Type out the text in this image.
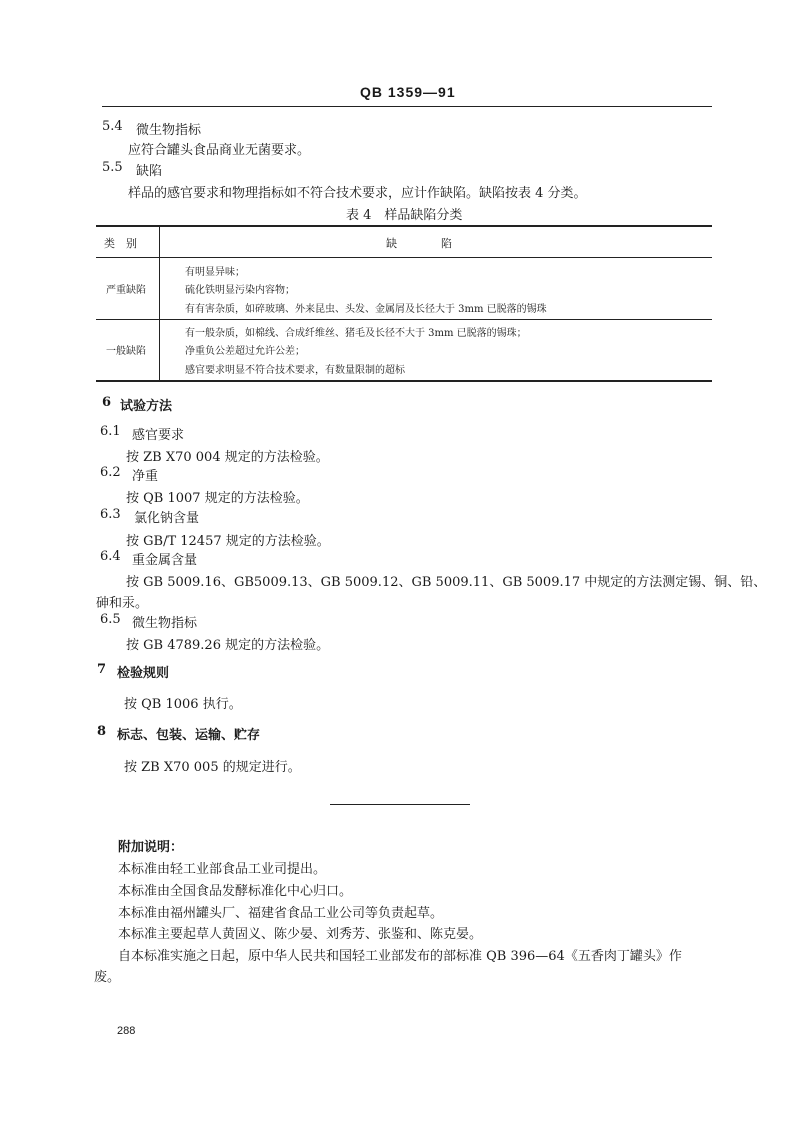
QB 1359—91
5.4 微生物指标
应符合罐头食品商业无菌要求。
5.5 缺陷
样品的感官要求和物理指标如不符合技术要求，应计作缺陷。缺陷按表 4 分类。
表 4　样品缺陷分类
类　别	缺　　　　陷
严重缺陷
有明显异味；
硫化铁明显污染内容物；
有有害杂质，如碎玻璃、外来昆虫、头发、金属屑及长径大于 3mm 已脱落的锡珠
一般缺陷
有一般杂质，如棉线、合成纤维丝、猪毛及长径不大于 3mm 已脱落的锡珠；
净重负公差超过允许公差；
感官要求明显不符合技术要求，有数量限制的超标
6 试验方法
6.1 感官要求
按 ZB X70 004 规定的方法检验。
6.2 净重
按 QB 1007 规定的方法检验。
6.3 氯化钠含量
按 GB/T 12457 规定的方法检验。
6.4 重金属含量
按 GB 5009.16、GB5009.13、GB 5009.12、GB 5009.11、GB 5009.17 中规定的方法测定锡、铜、铅、
砷和汞。
6.5 微生物指标
按 GB 4789.26 规定的方法检验。
7 检验规则
按 QB 1006 执行。
8 标志、包装、运输、贮存
按 ZB X70 005 的规定进行。
附加说明：
本标准由轻工业部食品工业司提出。
本标准由全国食品发酵标准化中心归口。
本标准由福州罐头厂、福建省食品工业公司等负责起草。
本标准主要起草人黄固义、陈少晏、刘秀芳、张鉴和、陈克晏。
自本标准实施之日起，原中华人民共和国轻工业部发布的部标准 QB 396—64《五香肉丁罐头》作
废。
288
